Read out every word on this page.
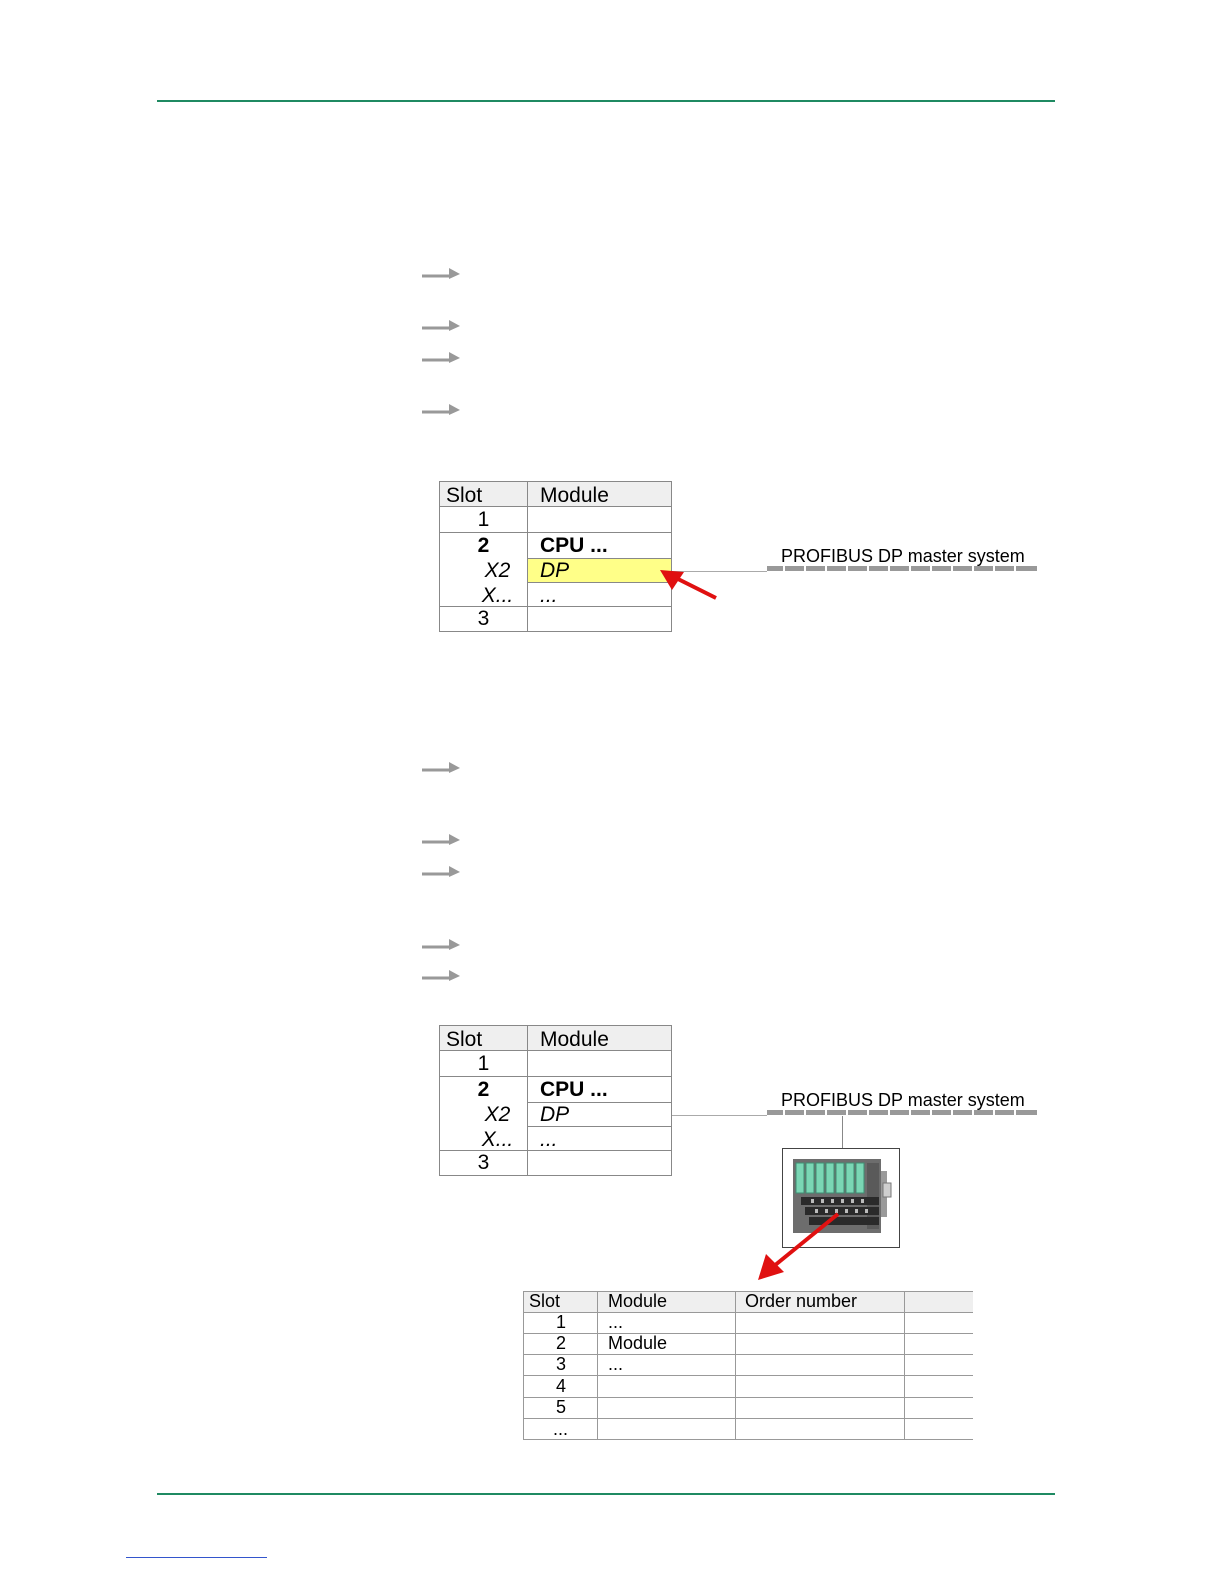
Slot	Module
1
2	CPU ...
X2	DP
X...	...
3
PROFIBUS DP master system
Slot	Module
1
2	CPU ...
X2	DP
X...	...
3
PROFIBUS DP master system
Slot	Module	Order number
1 ...
2 Module
3 ...
4
5
...
